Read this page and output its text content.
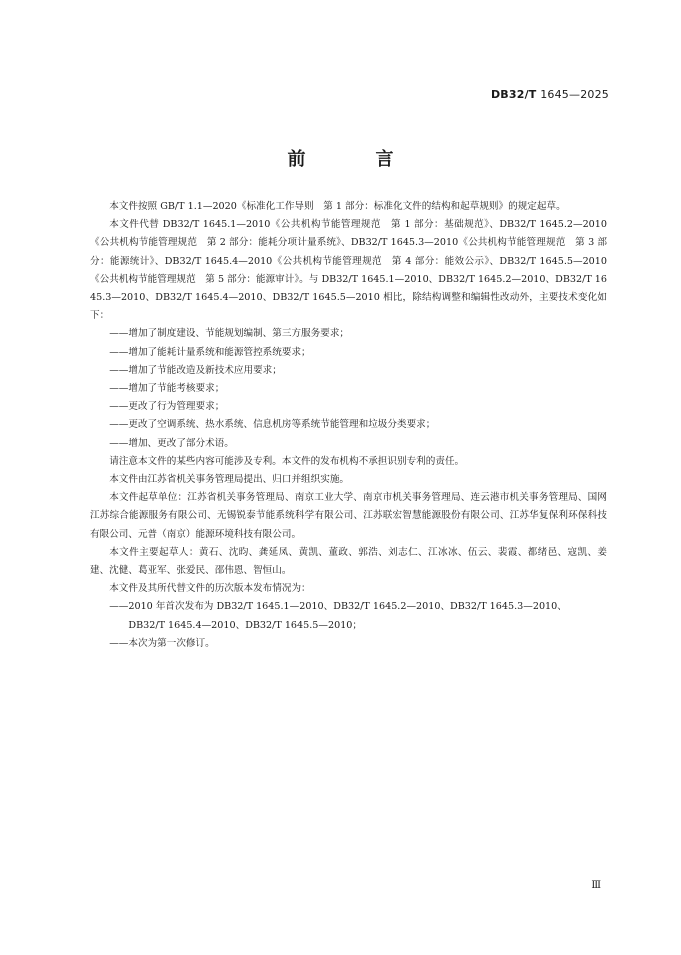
DB32/T 1645—2025
前　言

本文件按照 GB/T 1.1—2020《标准化工作导则　第 1 部分：标准化文件的结构和起草规则》的规定起草。

本文件代替 DB32/T 1645.1—2010《公共机构节能管理规范　第 1 部分：基础规范》、DB32/T 1645.2—2010《公共机构节能管理规范　第 2 部分：能耗分项计量系统》、DB32/T 1645.3—2010《公共机构节能管理规范　第 3 部分：能源统计》、DB32/T 1645.4—2010《公共机构节能管理规范　第 4 部分：能效公示》、DB32/T 1645.5—2010《公共机构节能管理规范　第 5 部分：能源审计》。与 DB32/T 1645.1—2010、DB32/T 1645.2—2010、DB32/T 1645.3—2010、DB32/T 1645.4—2010、DB32/T 1645.5—2010 相比，除结构调整和编辑性改动外，主要技术变化如下：

——增加了制度建设、节能规划编制、第三方服务要求；

——增加了能耗计量系统和能源管控系统要求；

——增加了节能改造及新技术应用要求；

——增加了节能考核要求；

——更改了行为管理要求；

——更改了空调系统、热水系统、信息机房等系统节能管理和垃圾分类要求；

——增加、更改了部分术语。

请注意本文件的某些内容可能涉及专利。本文件的发布机构不承担识别专利的责任。

本文件由江苏省机关事务管理局提出、归口并组织实施。

本文件起草单位：江苏省机关事务管理局、南京工业大学、南京市机关事务管理局、连云港市机关事务管理局、国网江苏综合能源服务有限公司、无锡锐泰节能系统科学有限公司、江苏联宏智慧能源股份有限公司、江苏华复保利环保科技有限公司、元普（南京）能源环境科技有限公司。

本文件主要起草人：黄石、沈昀、龚延凤、黄凯、董政、郭浩、刘志仁、江冰冰、伍云、裴霞、都绪邑、寇凯、姜建、沈健、葛亚军、张爱民、邵伟恩、智恒山。

本文件及其所代替文件的历次版本发布情况为：

——2010 年首次发布为 DB32/T 1645.1—2010、DB32/T 1645.2—2010、DB32/T 1645.3—2010、

DB32/T 1645.4—2010、DB32/T 1645.5—2010；

——本次为第一次修订。

Ⅲ
